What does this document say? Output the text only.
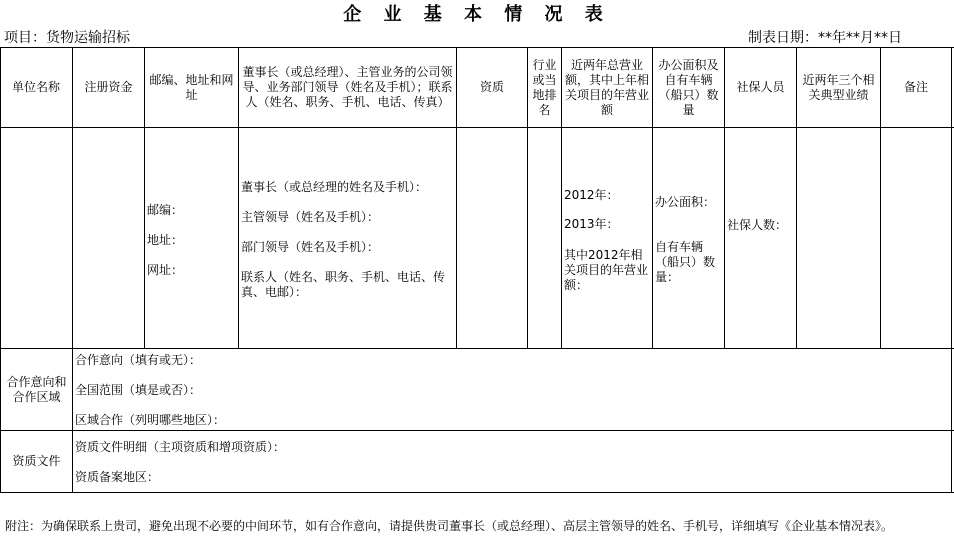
企 业 基 本 情 况 表
项目：货物运输招标	制表日期：**年**月**日
单位名称	注册资金
邮编、地址和网址
董事长（或总经理）、主管业务的公司领导、业务部门领导（姓名及手机）；联系人（姓名、职务、手机、电话、传真）
资质
行业或当地排名
近两年总营业额，其中上年相关项目的年营业额
办公面积及自有车辆（船只）数量
社保人员
近两年三个相关典型业绩
备注
邮编：
地址：
网址：
董事长（或总经理的姓名及手机）：
主管领导（姓名及手机）：
部门领导（姓名及手机）：
联系人（姓名、职务、手机、电话、传真、电邮）：
2012年：
2013年：
其中2012年相关项目的年营业额：
办公面积：
自有车辆（船只）数量：
社保人数：
合作意向和合作区域
合作意向（填有或无）：
全国范围（填是或否）：
区域合作（列明哪些地区）：
资质文件
资质文件明细（主项资质和增项资质）：
资质备案地区：
附注：为确保联系上贵司，避免出现不必要的中间环节，如有合作意向，请提供贵司董事长（或总经理）、高层主管领导的姓名、手机号，详细填写《企业基本情况表》。
